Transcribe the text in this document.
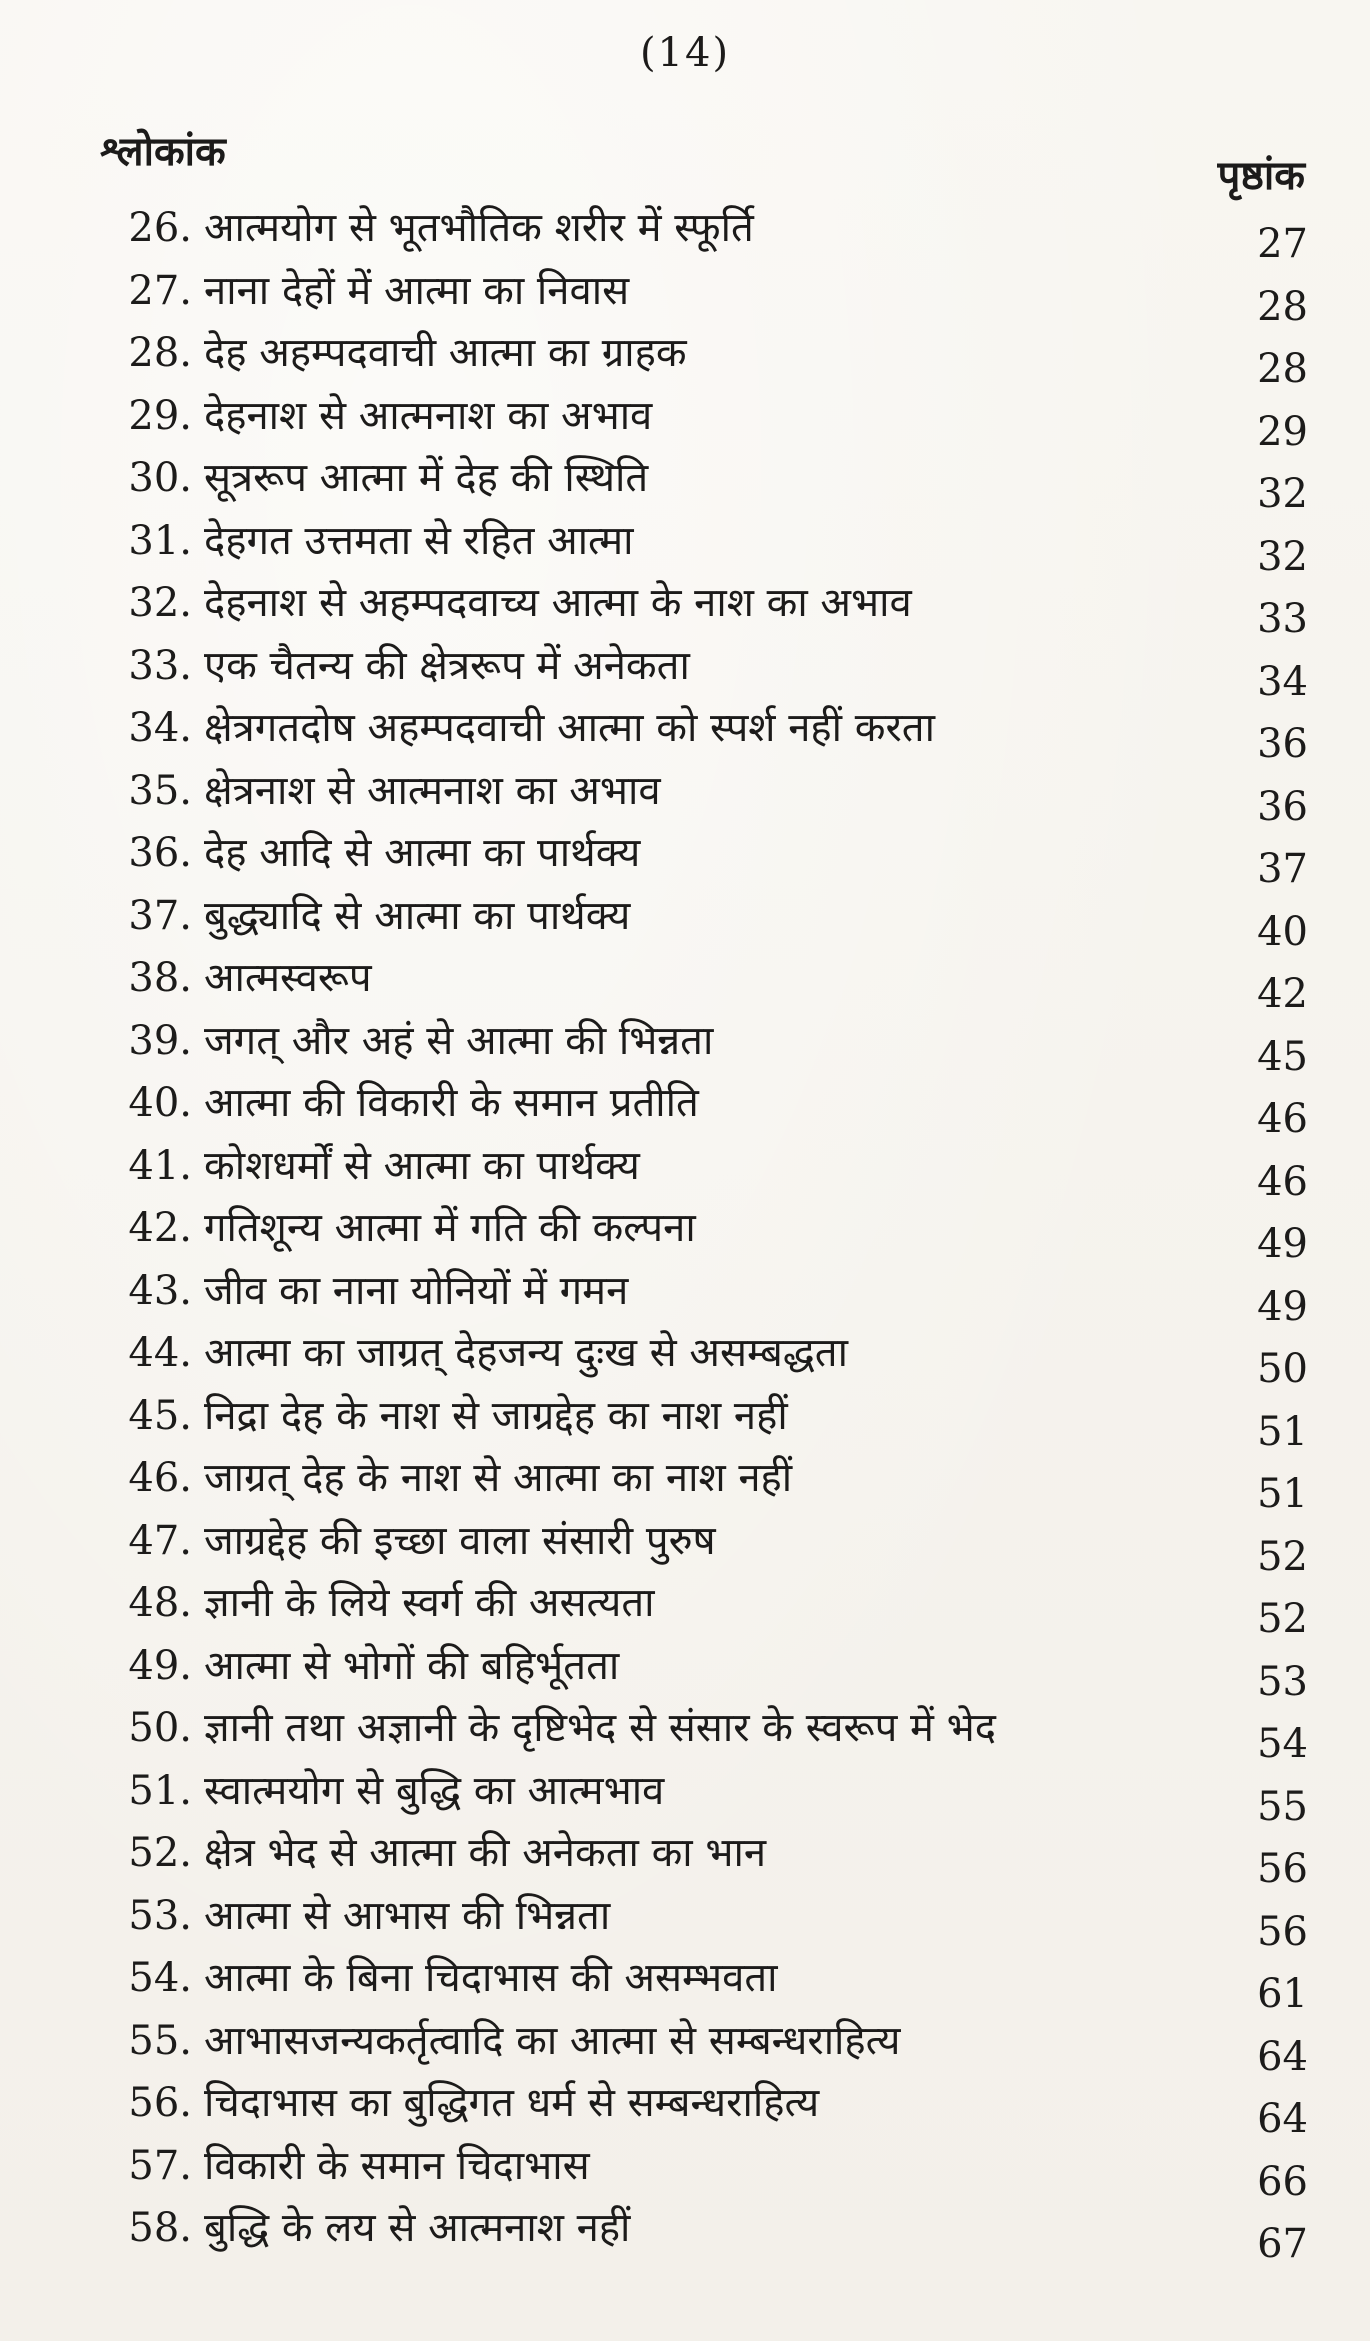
(14)
श्लोकांक
पृष्ठांक
26. आत्मयोग से भूतभौतिक शरीर में स्फूर्ति	27
27. नाना देहों में आत्मा का निवास	28
28. देह अहम्पदवाची आत्मा का ग्राहक	28
29. देहनाश से आत्मनाश का अभाव	29
30. सूत्ररूप आत्मा में देह की स्थिति	32
31. देहगत उत्तमता से रहित आत्मा	32
32. देहनाश से अहम्पदवाच्य आत्मा के नाश का अभाव	33
33. एक चैतन्य की क्षेत्ररूप में अनेकता	34
34. क्षेत्रगतदोष अहम्पदवाची आत्मा को स्पर्श नहीं करता	36
35. क्षेत्रनाश से आत्मनाश का अभाव	36
36. देह आदि से आत्मा का पार्थक्य	37
37. बुद्ध्यादि से आत्मा का पार्थक्य	40
38. आत्मस्वरूप	42
39. जगत् और अहं से आत्मा की भिन्नता	45
40. आत्मा की विकारी के समान प्रतीति	46
41. कोशधर्मों से आत्मा का पार्थक्य	46
42. गतिशून्य आत्मा में गति की कल्पना	49
43. जीव का नाना योनियों में गमन	49
44. आत्मा का जाग्रत् देहजन्य दुःख से असम्बद्धता	50
45. निद्रा देह के नाश से जाग्रद्देह का नाश नहीं	51
46. जाग्रत् देह के नाश से आत्मा का नाश नहीं	51
47. जाग्रद्देह की इच्छा वाला संसारी पुरुष	52
48. ज्ञानी के लिये स्वर्ग की असत्यता	52
49. आत्मा से भोगों की बहिर्भूतता	53
50. ज्ञानी तथा अज्ञानी के दृष्टिभेद से संसार के स्वरूप में भेद	54
51. स्वात्मयोग से बुद्धि का आत्मभाव	55
52. क्षेत्र भेद से आत्मा की अनेकता का भान	56
53. आत्मा से आभास की भिन्नता	56
54. आत्मा के बिना चिदाभास की असम्भवता	61
55. आभासजन्यकर्तृत्वादि का आत्मा से सम्बन्धराहित्य	64
56. चिदाभास का बुद्धिगत धर्म से सम्बन्धराहित्य	64
57. विकारी के समान चिदाभास	66
58. बुद्धि के लय से आत्मनाश नहीं	67
